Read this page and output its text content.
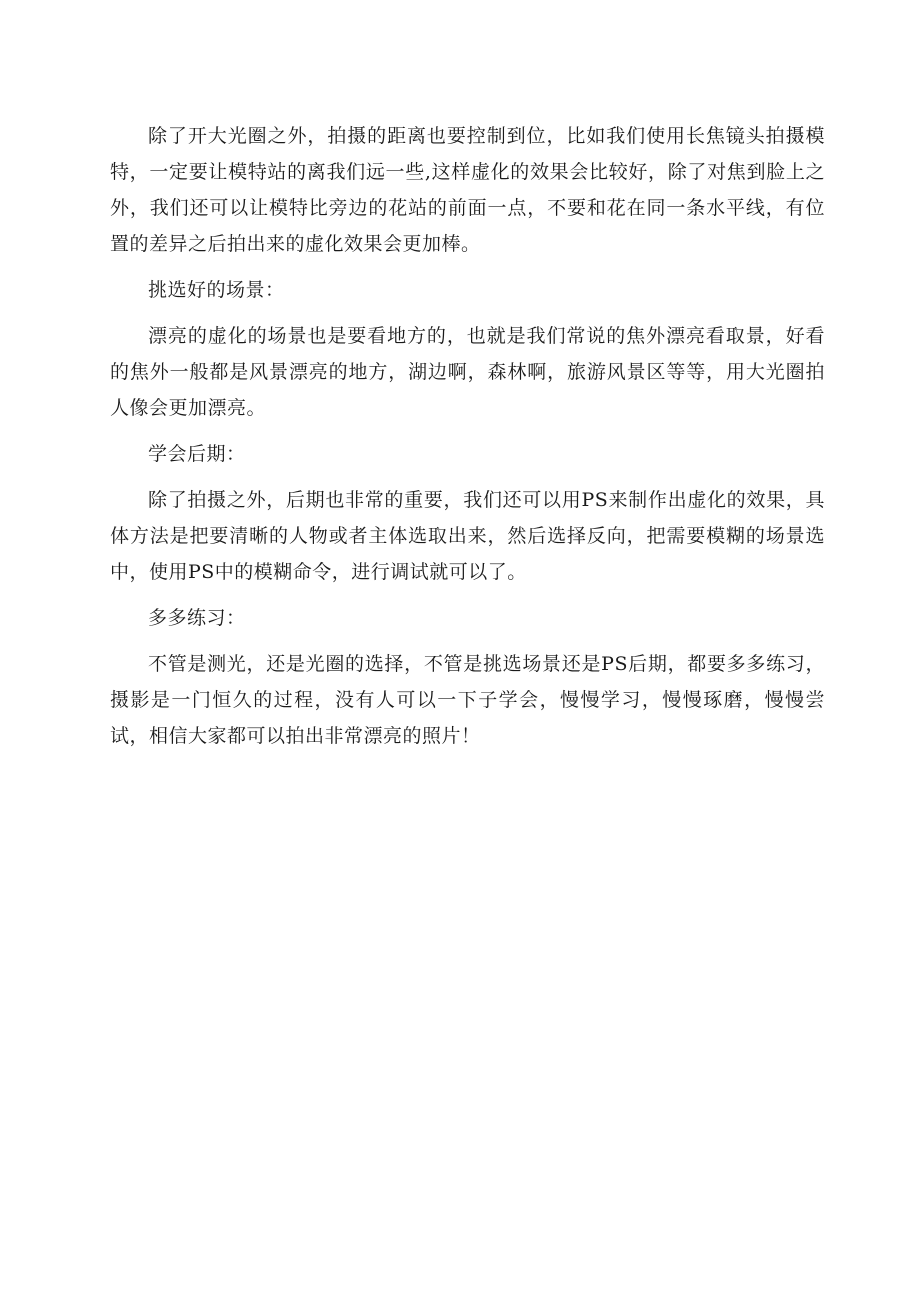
除了开大光圈之外，拍摄的距离也要控制到位，比如我们使用长焦镜头拍摄模特，一定要让模特站的离我们远一些,这样虚化的效果会比较好，除了对焦到脸上之外，我们还可以让模特比旁边的花站的前面一点，不要和花在同一条水平线，有位置的差异之后拍出来的虚化效果会更加棒。

挑选好的场景：

漂亮的虚化的场景也是要看地方的，也就是我们常说的焦外漂亮看取景，好看的焦外一般都是风景漂亮的地方，湖边啊，森林啊，旅游风景区等等，用大光圈拍人像会更加漂亮。

学会后期：

除了拍摄之外，后期也非常的重要，我们还可以用PS来制作出虚化的效果，具体方法是把要清晰的人物或者主体选取出来，然后选择反向，把需要模糊的场景选中，使用PS中的模糊命令，进行调试就可以了。

多多练习：

不管是测光，还是光圈的选择，不管是挑选场景还是PS后期，都要多多练习，摄影是一门恒久的过程，没有人可以一下子学会，慢慢学习，慢慢琢磨，慢慢尝试，相信大家都可以拍出非常漂亮的照片！
